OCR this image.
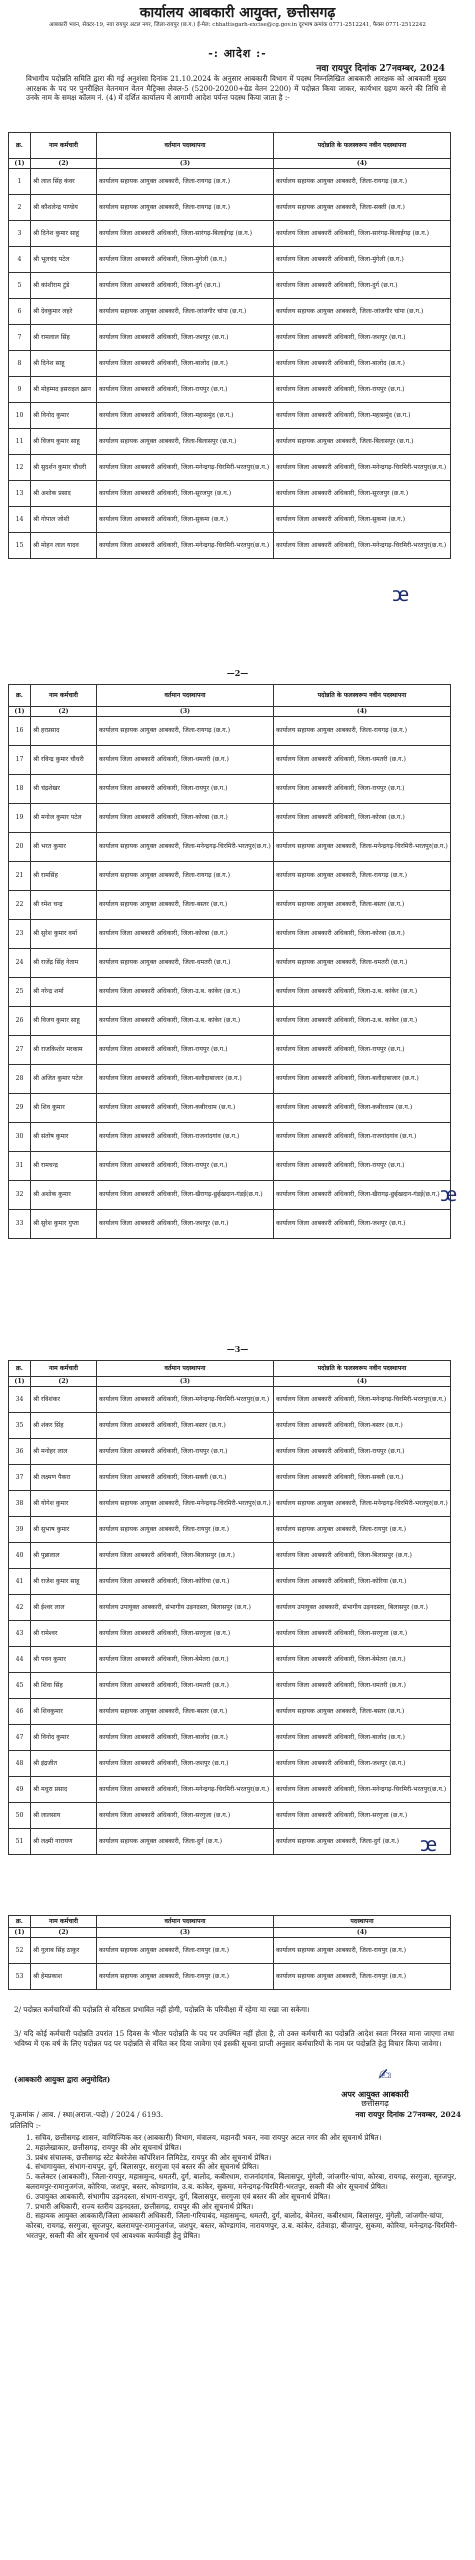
कार्यालय आबकारी आयुक्त, छत्तीसगढ़
आबकारी भवन, सेक्टर-19, नवा रायपुर अटल नगर, जिला-रायपुर (छ.ग.) ई-मेल: chhattisgarh-excise@cg.gov.in दूरभाष क्रमांक 0771-2512241, फैक्स 0771-2512242
-: आदेश :-
नवा रायपुर दिनांक 27नवम्बर, 2024
विभागीय पदोन्नति समिति द्वारा की गई अनुशंसा दिनांक 21.10.2024 के अनुसार आबकारी विभाग में पदस्थ निम्नलिखित आबकारी आरक्षक को आबकारी मुख्य आरक्षक के पद पर पुनरीक्षित वेतनमान वेतन मैट्रिक्स लेवल-5 (5200-20200+ग्रेड वेतन 2200) में पदोन्नत किया जाकर, कार्यभार ग्रहण करने की तिथि से उनके नाम के समक्ष कॉलम नं. (4) में दर्शित कार्यालय में आगामी आदेश पर्यन्त पदस्थ किया जाता है :-
क्र.	नाम कर्मचारी	वर्तमान पदस्थापना	पदोन्नति के फलस्वरूप नवीन पदस्थापना
(1)	(2)	(3)	(4)
1	श्री लाल सिंह कंवर	कार्यालय सहायक आयुक्त आबकारी, जिला-रायगढ़ (छ.ग.)	कार्यालय सहायक आयुक्त आबकारी, जिला-रायगढ़ (छ.ग.)
2	श्री कौशलेन्द्र पाण्डेय	कार्यालय सहायक आयुक्त आबकारी, जिला-रायगढ़ (छ.ग.)	कार्यालय सहायक आयुक्त आबकारी, जिला-सक्ती (छ.ग.)
3	श्री दिनेश कुमार साहू	कार्यालय जिला आबकारी अधिकारी, जिला-सारंगढ़-बिलाईगढ़ (छ.ग.)	कार्यालय जिला आबकारी अधिकारी, जिला-सारंगढ़-बिलाईगढ़ (छ.ग.)
4	श्री भूलचंद पटेल	कार्यालय जिला आबकारी अधिकारी, जिला-मुंगेली (छ.ग.)	कार्यालय जिला आबकारी अधिकारी, जिला-मुंगेली (छ.ग.)
5	श्री कांशीराम टुंडे	कार्यालय जिला आबकारी अधिकारी, जिला-दुर्ग (छ.ग.)	कार्यालय जिला आबकारी अधिकारी, जिला-दुर्ग (छ.ग.)
6	श्री देवकुमार लहरे	कार्यालय सहायक आयुक्त आबकारी, जिला-जांजगीर चांपा (छ.ग.)	कार्यालय सहायक आयुक्त आबकारी, जिला-जांजगीर चांपा (छ.ग.)
7	श्री रामलाल सिंह	कार्यालय जिला आबकारी अधिकारी, जिला-जशपुर (छ.ग.)	कार्यालय जिला आबकारी अधिकारी, जिला-जशपुर (छ.ग.)
8	श्री दिनेश साहू	कार्यालय जिला आबकारी अधिकारी, जिला-बालोद (छ.ग.)	कार्यालय जिला आबकारी अधिकारी, जिला-बालोद (छ.ग.)
9	श्री मोहम्मद इसराइल ख़ान	कार्यालय जिला आबकारी अधिकारी, जिला-रायपुर (छ.ग.)	कार्यालय जिला आबकारी अधिकारी, जिला-रायपुर (छ.ग.)
10	श्री विनोद कुमार	कार्यालय जिला आबकारी अधिकारी, जिला-महासमुंद (छ.ग.)	कार्यालय जिला आबकारी अधिकारी, जिला-महासमुंद (छ.ग.)
11	श्री विजय कुमार साहू	कार्यालय सहायक आयुक्त आबकारी, जिला-बिलासपुर (छ.ग.)	कार्यालय सहायक आयुक्त आबकारी, जिला-बिलासपुर (छ.ग.)
12	श्री सुदर्शन कुमार चौधरी	कार्यालय जिला आबकारी अधिकारी, जिला-मनेन्द्रगढ़-चिरमिरी-भरतपुर(छ.ग.)	कार्यालय जिला आबकारी अधिकारी, जिला-मनेन्द्रगढ़-चिरमिरी-भरतपुर(छ.ग.)
13	श्री अशोक प्रसाद	कार्यालय जिला आबकारी अधिकारी, जिला-सूरजपुर (छ.ग.)	कार्यालय जिला आबकारी अधिकारी, जिला-सूरजपुर (छ.ग.)
14	श्री गोपाल जोशी	कार्यालय जिला आबकारी अधिकारी, जिला-सुकमा (छ.ग.)	कार्यालय जिला आबकारी अधिकारी, जिला-सुकमा (छ.ग.)
15	श्री मोहन लाल यादव	कार्यालय जिला आबकारी अधिकारी, जिला-मनेन्द्रगढ़-चिरमिरी-भरतपुर(छ.ग.)	कार्यालय जिला आबकारी अधिकारी, जिला-मनेन्द्रगढ़-चिरमिरी-भरतपुर(छ.ग.)
ꭢ
—2—
क्र.	नाम कर्मचारी	वर्तमान पदस्थापना	पदोन्नति के फलस्वरूप नवीन पदस्थापना
(1)	(2)	(3)	(4)
16	श्री हरप्रसाद	कार्यालय सहायक आयुक्त आबकारी, जिला-रायगढ़ (छ.ग.)	कार्यालय सहायक आयुक्त आबकारी, जिला-रायगढ़ (छ.ग.)
17	श्री रविन्द्र कुमार चौधरी	कार्यालय जिला आबकारी अधिकारी, जिला-धमतरी (छ.ग.)	कार्यालय जिला आबकारी अधिकारी, जिला-धमतरी (छ.ग.)
18	श्री चंद्रशेखर	कार्यालय जिला आबकारी अधिकारी, जिला-रायपुर (छ.ग.)	कार्यालय जिला आबकारी अधिकारी, जिला-रायपुर (छ.ग.)
19	श्री मनोज कुमार पटेल	कार्यालय जिला आबकारी अधिकारी, जिला-कोरबा (छ.ग.)	कार्यालय जिला आबकारी अधिकारी, जिला-कोरबा (छ.ग.)
20	श्री भरत कुमार	कार्यालय सहायक आयुक्त आबकारी, जिला-मनेन्द्रगढ़-चिरमिरी-भरतपुर(छ.ग.)	कार्यालय सहायक आयुक्त आबकारी, जिला-मनेन्द्रगढ़-चिरमिरी-भरतपुर(छ.ग.)
21	श्री रामसिंह	कार्यालय सहायक आयुक्त आबकारी, जिला-रायगढ़ (छ.ग.)	कार्यालय सहायक आयुक्त आबकारी, जिला-रायगढ़ (छ.ग.)
22	श्री रमेश चन्द्र	कार्यालय सहायक आयुक्त आबकारी, जिला-बस्तर (छ.ग.)	कार्यालय सहायक आयुक्त आबकारी, जिला-बस्तर (छ.ग.)
23	श्री सुरेश कुमार वर्मा	कार्यालय जिला आबकारी अधिकारी, जिला-कोरबा (छ.ग.)	कार्यालय जिला आबकारी अधिकारी, जिला-कोरबा (छ.ग.)
24	श्री राजेंद्र सिंह नेताम	कार्यालय सहायक आयुक्त आबकारी, जिला-धमतरी (छ.ग.)	कार्यालय सहायक आयुक्त आबकारी, जिला-धमतरी (छ.ग.)
25	श्री नरेन्द्र शर्मा	कार्यालय जिला आबकारी अधिकारी, जिला-उ.ब. कांकेर (छ.ग.)	कार्यालय जिला आबकारी अधिकारी, जिला-उ.ब. कांकेर (छ.ग.)
26	श्री विजय कुमार साहू	कार्यालय जिला आबकारी अधिकारी, जिला-उ.ब. कांकेर (छ.ग.)	कार्यालय जिला आबकारी अधिकारी, जिला-उ.ब. कांकेर (छ.ग.)
27	श्री राजकिशोर मरकाम	कार्यालय जिला आबकारी अधिकारी, जिला-रायपुर (छ.ग.)	कार्यालय जिला आबकारी अधिकारी, जिला-रायपुर (छ.ग.)
28	श्री अजित कुमार पटेल	कार्यालय जिला आबकारी अधिकारी, जिला-बलौदाबाजार (छ.ग.)	कार्यालय जिला आबकारी अधिकारी, जिला-बलौदाबाजार (छ.ग.)
29	श्री शिव कुमार	कार्यालय जिला आबकारी अधिकारी, जिला-कबीरधाम (छ.ग.)	कार्यालय जिला आबकारी अधिकारी, जिला-कबीरधाम (छ.ग.)
30	श्री संतोष कुमार	कार्यालय जिला आबकारी अधिकारी, जिला-राजनांदगांव (छ.ग.)	कार्यालय जिला आबकारी अधिकारी, जिला-राजनांदगांव (छ.ग.)
31	श्री रामचन्द्र	कार्यालय जिला आबकारी अधिकारी, जिला-रायपुर (छ.ग.)	कार्यालय जिला आबकारी अधिकारी, जिला-रायपुर (छ.ग.)
32	श्री अशोक कुमार	कार्यालय जिला आबकारी अधिकारी, जिला-खैरागढ़-छुईखदान-गंडई(छ.ग.)	कार्यालय जिला आबकारी अधिकारी, जिला-खैरागढ़-छुईखदान-गंडई(छ.ग.)
33	श्री सुरेश कुमार गुप्ता	कार्यालय जिला आबकारी अधिकारी, जिला-जशपुर (छ.ग.)	कार्यालय जिला आबकारी अधिकारी, जिला-जशपुर (छ.ग.)
ꭢ
—3—
क्र.	नाम कर्मचारी	वर्तमान पदस्थापना	पदोन्नति के फलस्वरूप नवीन पदस्थापना
(1)	(2)	(3)	(4)
34	श्री रविशंकर	कार्यालय जिला आबकारी अधिकारी, जिला-मनेन्द्रगढ़-चिरमिरी-भरतपुर(छ.ग.)	कार्यालय जिला आबकारी अधिकारी, जिला-मनेन्द्रगढ़-चिरमिरी-भरतपुर(छ.ग.)
35	श्री शंकर सिंह	कार्यालय जिला आबकारी अधिकारी, जिला-बस्तर (छ.ग.)	कार्यालय जिला आबकारी अधिकारी, जिला-बस्तर (छ.ग.)
36	श्री मनोहर लाल	कार्यालय जिला आबकारी अधिकारी, जिला-रायपुर (छ.ग.)	कार्यालय जिला आबकारी अधिकारी, जिला-रायपुर (छ.ग.)
37	श्री लक्ष्मण पैकरा	कार्यालय जिला आबकारी अधिकारी, जिला-सक्ती (छ.ग.)	कार्यालय जिला आबकारी अधिकारी, जिला-सक्ती (छ.ग.)
38	श्री योगेश कुमार	कार्यालय सहायक आयुक्त आबकारी, जिला-मनेन्द्रगढ़-चिरमिरी-भरतपुर(छ.ग.)	कार्यालय सहायक आयुक्त आबकारी, जिला-मनेन्द्रगढ़-चिरमिरी-भरतपुर(छ.ग.)
39	श्री सुभाष कुमार	कार्यालय सहायक आयुक्त आबकारी, जिला-रायपुर (छ.ग.)	कार्यालय सहायक आयुक्त आबकारी, जिला-रायपुर (छ.ग.)
40	श्री पुन्नालाल	कार्यालय जिला आबकारी अधिकारी, जिला-बिलासपुर (छ.ग.)	कार्यालय जिला आबकारी अधिकारी, जिला-बिलासपुर (छ.ग.)
41	श्री राजेश कुमार साहू	कार्यालय जिला आबकारी अधिकारी, जिला-कोरिया (छ.ग.)	कार्यालय जिला आबकारी अधिकारी, जिला-कोरिया (छ.ग.)
42	श्री ईश्वर लाल	कार्यालय उपायुक्त आबकारी, संभागीय उड़नदस्ता, बिलासपुर (छ.ग.)	कार्यालय उपायुक्त आबकारी, संभागीय उड़नदस्ता, बिलासपुर (छ.ग.)
43	श्री रामेश्वर	कार्यालय जिला आबकारी अधिकारी, जिला-सरगुजा (छ.ग.)	कार्यालय जिला आबकारी अधिकारी, जिला-सरगुजा (छ.ग.)
44	श्री पवन कुमार	कार्यालय जिला आबकारी अधिकारी, जिला-बेमेतरा (छ.ग.)	कार्यालय जिला आबकारी अधिकारी, जिला-बेमेतरा (छ.ग.)
45	श्री शिवा सिंह	कार्यालय जिला आबकारी अधिकारी, जिला-धमतरी (छ.ग.)	कार्यालय जिला आबकारी अधिकारी, जिला-धमतरी (छ.ग.)
46	श्री शिवकुमार	कार्यालय सहायक आयुक्त आबकारी, जिला-बस्तर (छ.ग.)	कार्यालय सहायक आयुक्त आबकारी, जिला-बस्तर (छ.ग.)
47	श्री विनोद कुमार	कार्यालय जिला आबकारी अधिकारी, जिला-बालोद (छ.ग.)	कार्यालय जिला आबकारी अधिकारी, जिला-बालोद (छ.ग.)
48	श्री इंद्रजीत	कार्यालय जिला आबकारी अधिकारी, जिला-जशपुर (छ.ग.)	कार्यालय जिला आबकारी अधिकारी, जिला-जशपुर (छ.ग.)
49	श्री मधुरा प्रसाद	कार्यालय जिला आबकारी अधिकारी, जिला-मनेन्द्रगढ़-चिरमिरी-भरतपुर(छ.ग.)	कार्यालय जिला आबकारी अधिकारी, जिला-मनेन्द्रगढ़-चिरमिरी-भरतपुर(छ.ग.)
50	श्री लालसाय	कार्यालय जिला आबकारी अधिकारी, जिला-सरगुजा (छ.ग.)	कार्यालय जिला आबकारी अधिकारी, जिला-सरगुजा (छ.ग.)
51	श्री लक्ष्मी नारायण	कार्यालय सहायक आयुक्त आबकारी, जिला-दुर्ग (छ.ग.)	कार्यालय सहायक आयुक्त आबकारी, जिला-दुर्ग (छ.ग.) ꭢ
क्र.	नाम कर्मचारी	वर्तमान पदस्थापना	पदस्थापना
(1)	(2)	(3)	(4)
52	श्री गुलाब सिंह ठाकुर	कार्यालय सहायक आयुक्त आबकारी, जिला-रायपुर (छ.ग.)	कार्यालय सहायक आयुक्त आबकारी, जिला-रायपुर (छ.ग.)
53	श्री हेमप्रकाश	कार्यालय सहायक आयुक्त आबकारी, जिला-रायपुर (छ.ग.)	कार्यालय सहायक आयुक्त आबकारी, जिला-रायपुर (छ.ग.)
2/ पदोन्नत कर्मचारियों की पदोन्नति से वरिष्ठता प्रभावित नहीं होगी, पदोन्नति के परिवीक्षा में रहेगा या रखा जा सकेगा।
3/ यदि कोई कर्मचारी पदोन्नति उपरांत 15 दिवस के भीतर पदोन्नति के पद पर उपस्थित नहीं होता है, तो उक्त कर्मचारी का पदोन्नति आदेश स्वतः निरस्त माना जाएगा तथा भविष्य में एक वर्ष के लिए पदोन्नत पद पर पदोन्नति से वंचित कर दिया जावेगा एवं इसकी सूचना प्राप्ती अनुसार कर्मचारियों के नाम पर पदोन्नति हेतु विचार किया जावेगा।
(आबकारी आयुक्त द्वारा अनुमोदित)	✍
अपर आयुक्त आबकारी
छत्तीसगढ़
नवा रायपुर दिनांक 27नवम्बर, 2024
पृ.क्रमांक / आब. / स्था(अराज.-पदो) / 2024 / 6193.
प्रतिलिपि :-
1. सचिव, छत्तीसगढ़ शासन, वाणिज्यिक कर (आबकारी) विभाग, मंत्रालय, महानदी भवन, नवा रायपुर अटल नगर की ओर सूचनार्थ प्रेषित।
2. महालेखाकार, छत्तीसगढ़, रायपुर की ओर सूचनार्थ प्रेषित।
3. प्रबंध संचालक, छत्तीसगढ़ स्टेट बेवरेजेस कॉर्पोरेशन लिमिटेड, रायपुर की ओर सूचनार्थ प्रेषित।
4. संभागायुक्त, संभाग-रायपुर, दुर्ग, बिलासपुर, सरगुजा एवं बस्तर की ओर सूचनार्थ प्रेषित।
5. कलेक्टर (आबकारी), जिला-रायपुर, महासमुन्द, धमतरी, दुर्ग, बालोद, कबीरधाम, राजनांदगांव, बिलासपुर, मुंगेली, जांजगीर-चांपा, कोरबा, रायगढ़, सरगुजा, सूरजपुर, बलरामपुर-रामानुजगंज, कोरिया, जशपुर, बस्तर, कोण्डागांव, उ.ब. कांकेर, सुकमा, मनेन्द्रगढ़-चिरमिरी-भरतपुर, सक्ती की ओर सूचनार्थ प्रेषित।
6. उपायुक्त आबकारी, संभागीय उड़नदस्ता, संभाग-रायपुर, दुर्ग, बिलासपुर, सरगुजा एवं बस्तर की ओर सूचनार्थ प्रेषित।
7. प्रभारी अधिकारी, राज्य स्तरीय उड़नदस्ता, छत्तीसगढ़, रायपुर की ओर सूचनार्थ प्रेषित।
8. सहायक आयुक्त आबकारी/जिला आबकारी अधिकारी, जिला-गरियाबंद, महासमुन्द, धमतरी, दुर्ग, बालोद, बेमेतरा, कबीरधाम, बिलासपुर, मुंगेली, जांजगीर-चांपा, कोरबा, रायगढ़, सरगुजा, सूरजपुर, बलरामपुर-रामानुजगंज, जशपुर, बस्तर, कोण्डागांव, नारायणपुर, उ.ब. कांकेर, दंतेवाड़ा, बीजापुर, सुकमा, कोरिया, मनेन्द्रगढ़-चिरमिरी-भरतपुर, सक्ती की ओर सूचनार्थ एवं आवश्यक कार्यवाही हेतु प्रेषित।
